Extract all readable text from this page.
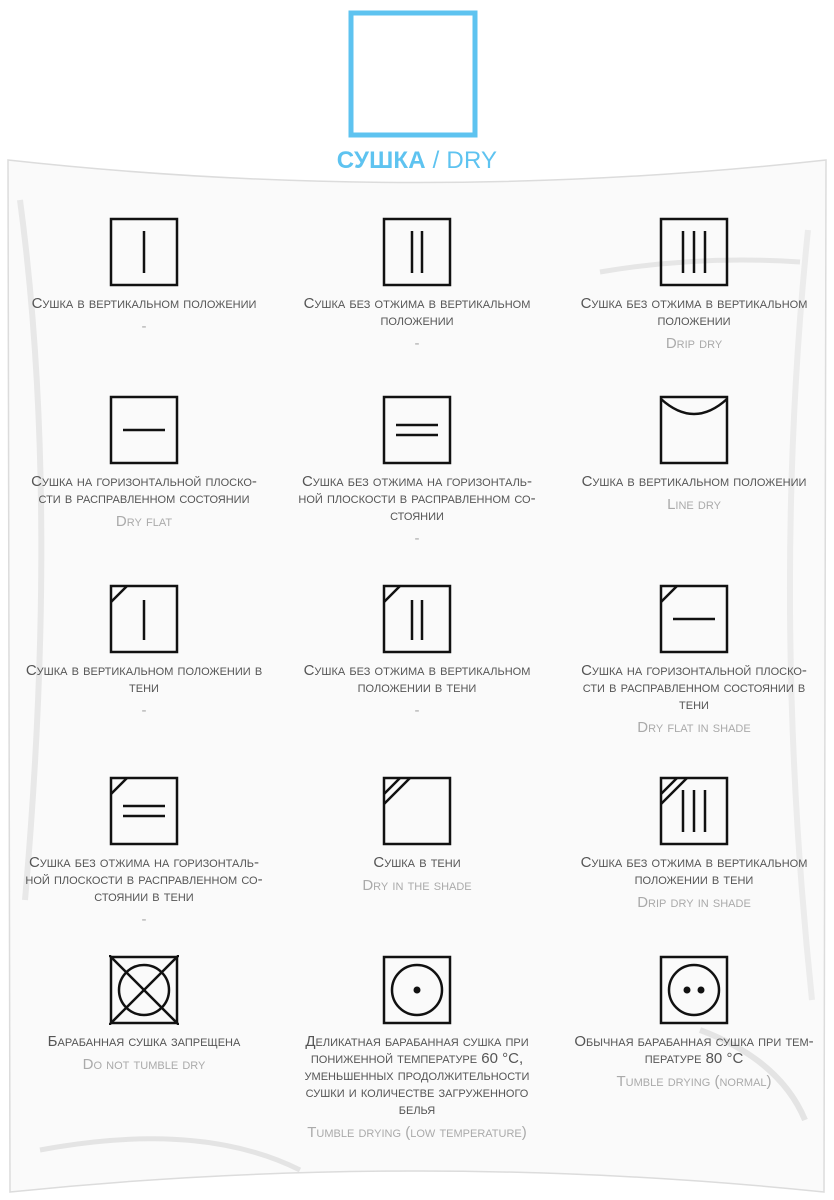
СУШКА / DRY
Сушка в вертикальном положении
-
Сушка без отжима в вертикальном положении
-
Сушка без отжима в вертикальном положении
Drip dry
Сушка на горизонтальной плоско- сти в расправленном состоянии
Dry flat
Сушка без отжима на горизонталь- ной плоскости в расправленном со- стоянии
-
Сушка в вертикальном положении
Line dry
Сушка в вертикальном положении в тени
-
Сушка без отжима в вертикальном положении в тени
-
Сушка на горизонтальной плоско- сти в расправленном состоянии в тени
Dry flat in shade
Сушка без отжима на горизонталь- ной плоскости в расправленном со- стоянии в тени
-
Сушка в тени
Dry in the shade
Сушка без отжима в вертикальном положении в тени
Drip dry in shade
Барабанная сушка запрещена
Do not tumble dry
Деликатная барабанная сушка при пониженной температуре 60 °C, уменьшенных продолжительности сушки и количестве загруженного белья
Tumble drying (low temperature)
Обычная барабанная сушка при тем- пературе 80 °C
Tumble drying (normal)
